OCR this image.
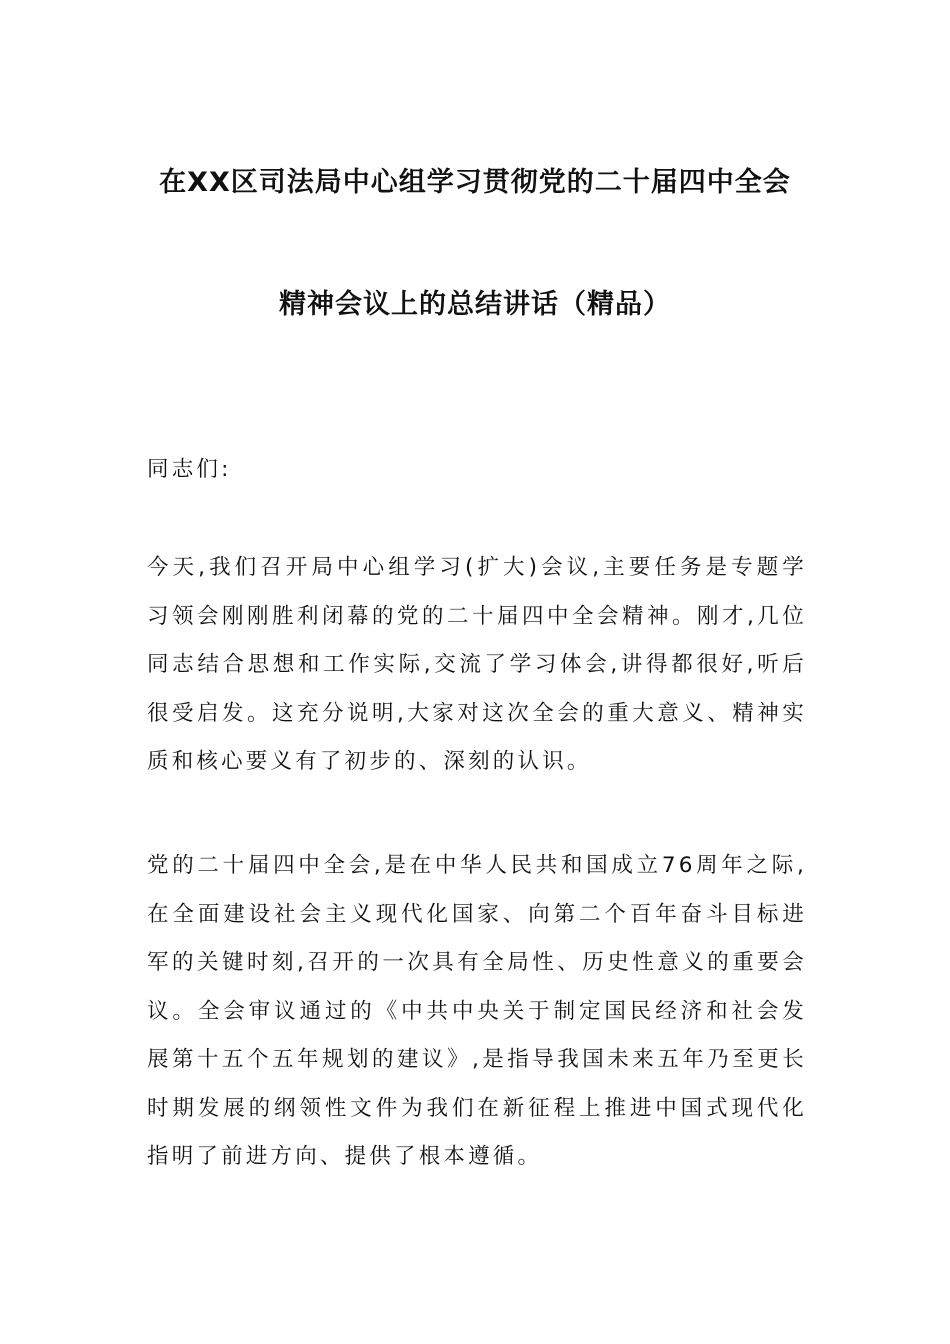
在XX区司法局中心组学习贯彻党的二十届四中全会
精神会议上的总结讲话（精品）
同志们:
今天,我们召开局中心组学习(扩大)会议,主要任务是专题学习领会刚刚胜利闭幕的党的二十届四中全会精神。刚才,几位同志结合思想和工作实际,交流了学习体会,讲得都很好,听后很受启发。这充分说明,大家对这次全会的重大意义、精神实质和核心要义有了初步的、深刻的认识。
党的二十届四中全会,是在中华人民共和国成立76周年之际,在全面建设社会主义现代化国家、向第二个百年奋斗目标进军的关键时刻,召开的一次具有全局性、历史性意义的重要会议。全会审议通过的《中共中央关于制定国民经济和社会发展第十五个五年规划的建议》,是指导我国未来五年乃至更长时期发展的纲领性文件为我们在新征程上推进中国式现代化指明了前进方向、提供了根本遵循。
